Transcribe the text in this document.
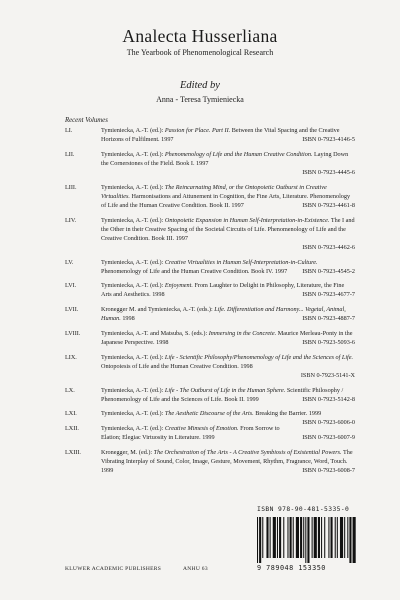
Analecta Husserliana
The Yearbook of Phenomenological Research
Edited by
Anna - Teresa Tymieniecka
Recent Volumes
LI.	Tymieniecka, A.-T. (ed.): Passion for Place. Part II. Between the Vital Spacing and the Creative Horizons of Fulfilment. 1997	ISBN 0-7923-4146-5
LII.	Tymieniecka, A.-T. (ed.): Phenomenology of Life and the Human Creative Condition. Laying Down the Cornerstones of the Field. Book I. 1997
ISBN 0-7923-4445-6
LIII.	Tymieniecka, A.-T. (ed.): The Reincarnating Mind, or the Ontopoietic Outburst in Creative Virtualities. Harmonisations and Attunement in Cognition, the Fine Arts, Literature. Phenomenology of Life and the Human Creative Condition. Book II. 1997	ISBN 0-7923-4461-8
LIV.	Tymieniecka, A.-T. (ed.): Ontopoietic Expansion in Human Self-Interpretation-in-Existence. The I and the Other in their Creative Spacing of the Societal Circuits of Life. Phenomenology of Life and the Creative Condition. Book III. 1997
ISBN 0-7923-4462-6
LV.	Tymieniecka, A.-T. (ed.): Creative Virtualities in Human Self-Interpretation-in-Culture. Phenomenology of Life and the Human Creative Condition. Book IV. 1997 ISBN 0-7923-4545-2
LVI.	Tymieniecka, A.-T. (ed.): Enjoyment. From Laughter to Delight in Philosophy, Literature, the Fine Arts and Aesthetics. 1998	ISBN 0-7923-4677-7
LVII.	Kronegger M. and Tymieniecka, A.-T. (eds.): Life. Differentiation and Harmony... Vegetal, Animal, Human. 1998	ISBN 0-7923-4887-7
LVIII.	Tymieniecka, A.-T. and Matsuba, S. (eds.): Immersing in the Concrete. Maurice Merleau-Ponty in the Japanese Perspective. 1998	ISBN 0-7923-5093-6
LIX.	Tymieniecka, A.-T. (ed.): Life - Scientific Philosophy/Phenomenology of Life and the Sciences of Life. Ontopoiesis of Life and the Human Creative Condition. 1998
ISBN 0-7923-5141-X
LX.	Tymieniecka, A.-T. (ed.): Life - The Outburst of Life in the Human Sphere. Scientific Philosophy / Phenomenology of Life and the Sciences of Life. Book II. 1999	ISBN 0-7923-5142-8
LXI.	Tymieniecka, A.-T. (ed.): The Aesthetic Discourse of the Arts. Breaking the Barrier. 1999
ISBN 0-7923-6006-0
LXII.	Tymieniecka, A.-T. (ed.): Creative Mimesis of Emotion. From Sorrow to Elation; Elegiac Virtuosity in Literature. 1999	ISBN 0-7923-6007-9
LXIII.	Kronegger, M. (ed.): The Orchestration of The Arts - A Creative Symbiosis of Existential Powers. The Vibrating Interplay of Sound, Color, Image, Gesture, Movement, Rhythm, Fragrance, Word, Touch. 1999	ISBN 0-7923-6008-7
ISBN 978-90-481-5335-0
9 789048 153350
KLUWER ACADEMIC PUBLISHERS	ANHU 63
